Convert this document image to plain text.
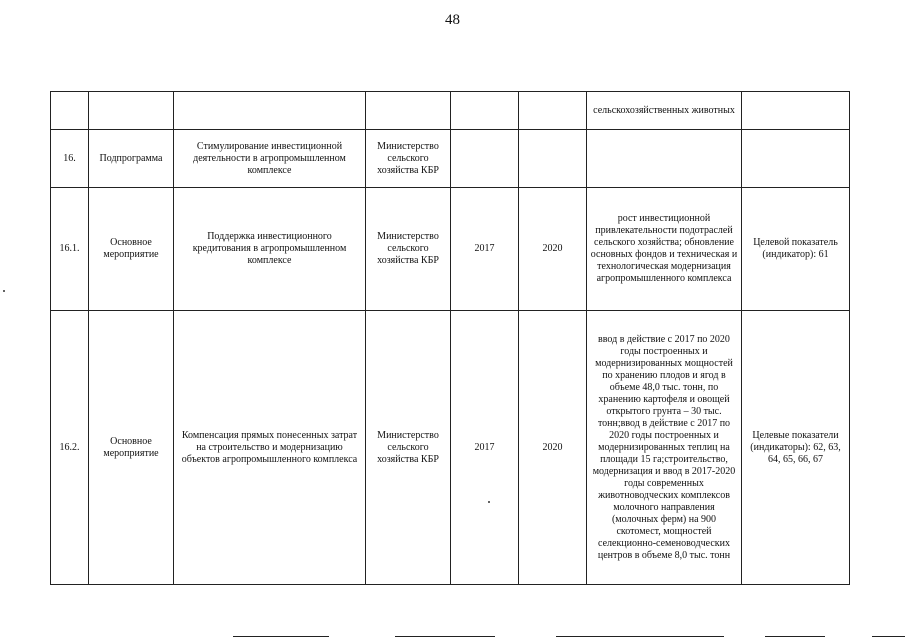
48
						сельскохозяйственных животных	
16.	Подпрограмма	Стимулирование инвестиционной деятельности в агропромышленном комплексе	Министерство сельского хозяйства КБР				
16.1.	Основное мероприятие	Поддержка инвестиционного кредитования в агропромышленном комплексе	Министерство сельского хозяйства КБР	2017	2020	рост инвестиционной привлекательности подотраслей сельского хозяйства; обновление основных фондов и техническая и технологическая модернизация агропромышленного комплекса	Целевой показатель (индикатор): 61
16.2.	Основное мероприятие	Компенсация прямых понесенных затрат на строительство и модернизацию объектов агропромышленного комплекса	Министерство сельского хозяйства КБР	2017	2020	ввод в действие с 2017 по 2020 годы построенных и модернизированных мощностей по хранению плодов и ягод в объеме 48,0 тыс. тонн, по хранению картофеля и овощей открытого грунта – 30 тыс. тонн;ввод в действие с 2017 по 2020 годы построенных и модернизированных теплиц на площади 15 га;строительство, модернизация и ввод в 2017-2020 годы современных животноводческих комплексов молочного направления (молочных ферм) на 900 скотомест, мощностей селекционно-семеноводческих центров в объеме 8,0 тыс. тонн	Целевые показатели (индикаторы): 62, 63, 64, 65, 66, 67
